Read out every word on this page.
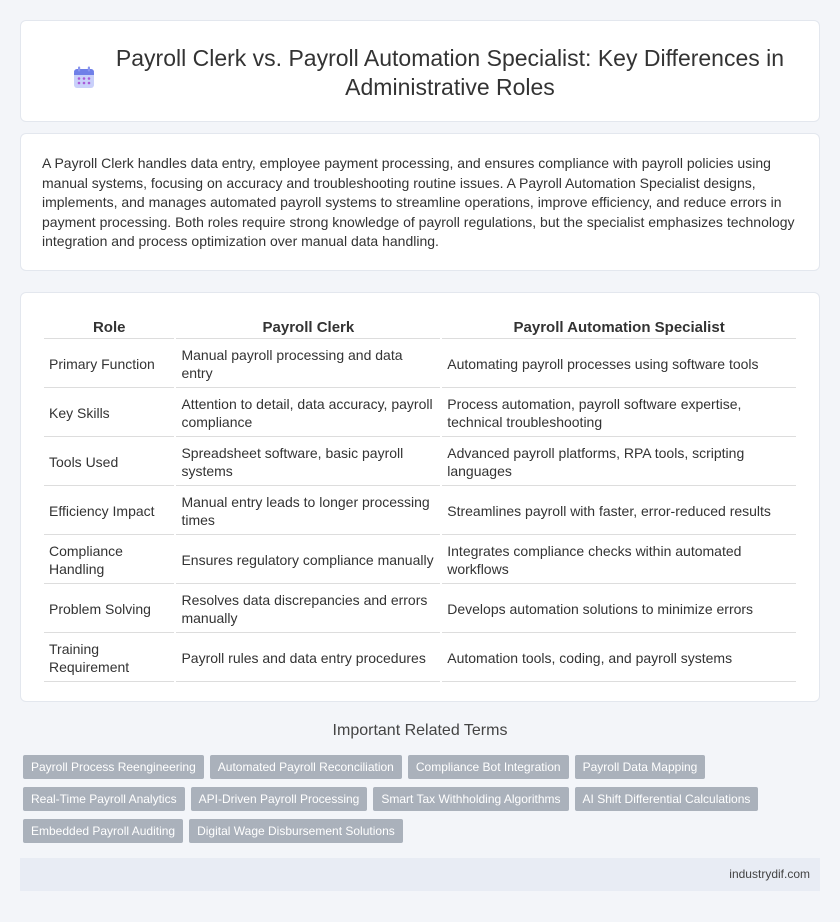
Payroll Clerk vs. Payroll Automation Specialist: Key Differences in Administrative Roles

A Payroll Clerk handles data entry, employee payment processing, and ensures compliance with payroll policies using manual systems, focusing on accuracy and troubleshooting routine issues. A Payroll Automation Specialist designs, implements, and manages automated payroll systems to streamline operations, improve efficiency, and reduce errors in payment processing. Both roles require strong knowledge of payroll regulations, but the specialist emphasizes technology integration and process optimization over manual data handling.

Role	Payroll Clerk	Payroll Automation Specialist
Primary Function	Manual payroll processing and data entry	Automating payroll processes using software tools
Key Skills	Attention to detail, data accuracy, payroll compliance	Process automation, payroll software expertise, technical troubleshooting
Tools Used	Spreadsheet software, basic payroll systems	Advanced payroll platforms, RPA tools, scripting languages
Efficiency Impact	Manual entry leads to longer processing times	Streamlines payroll with faster, error-reduced results
Compliance Handling	Ensures regulatory compliance manually	Integrates compliance checks within automated workflows
Problem Solving	Resolves data discrepancies and errors manually	Develops automation solutions to minimize errors
Training Requirement	Payroll rules and data entry procedures	Automation tools, coding, and payroll systems
Important Related Terms
Payroll Process Reengineering	Automated Payroll Reconciliation	Compliance Bot Integration	Payroll Data Mapping
Real-Time Payroll Analytics	API-Driven Payroll Processing	Smart Tax Withholding Algorithms	AI Shift Differential Calculations
Embedded Payroll Auditing	Digital Wage Disbursement Solutions
industrydif.com
